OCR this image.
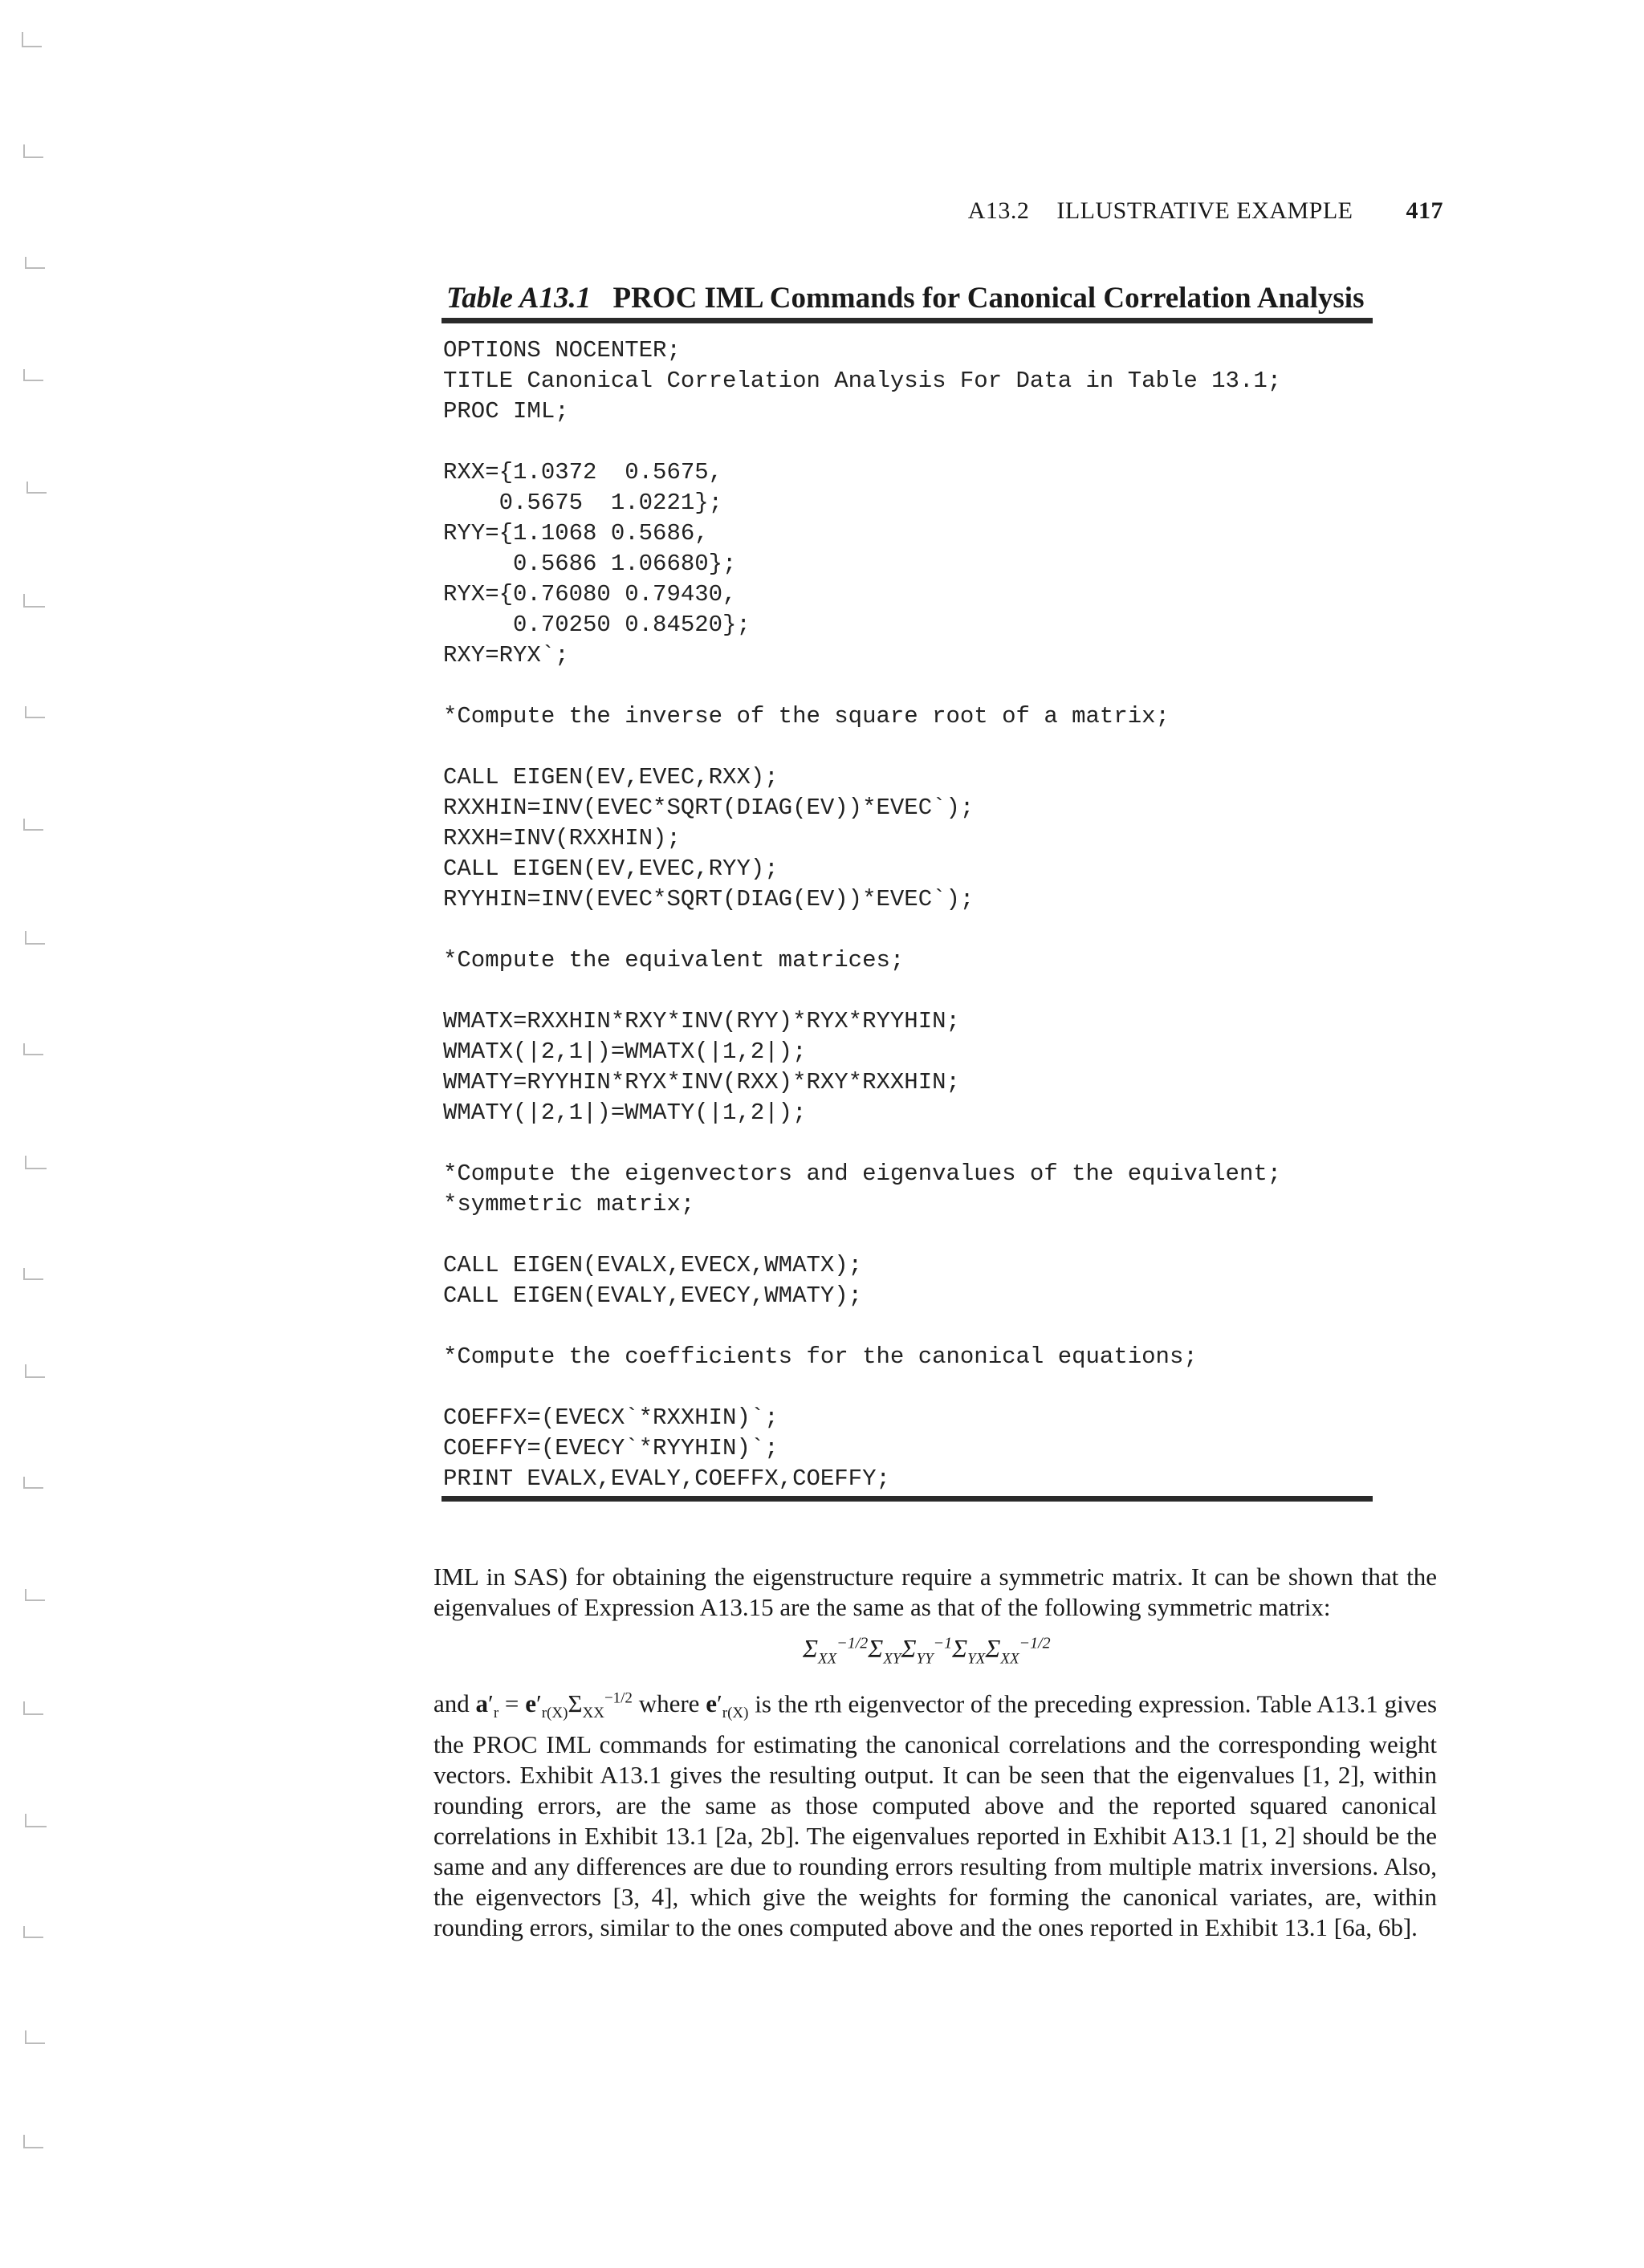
A13.2 ILLUSTRATIVE EXAMPLE 417
Table A13.1 PROC IML Commands for Canonical Correlation Analysis
OPTIONS NOCENTER;
TITLE Canonical Correlation Analysis For Data in Table 13.1;
PROC IML;
RXX={1.0372  0.5675,
0.5675  1.0221};
RYY={1.1068 0.5686,
0.5686 1.06680};
RYX={0.76080 0.79430,
0.70250 0.84520};
RXY=RYX`;
*Compute the inverse of the square root of a matrix;
CALL EIGEN(EV,EVEC,RXX);
RXXHIN=INV(EVEC*SQRT(DIAG(EV))*EVEC`);
RXXH=INV(RXXHIN);
CALL EIGEN(EV,EVEC,RYY);
RYYHIN=INV(EVEC*SQRT(DIAG(EV))*EVEC`);
*Compute the equivalent matrices;
WMATX=RXXHIN*RXY*INV(RYY)*RYX*RYYHIN;
WMATX(|2,1|)=WMATX(|1,2|);
WMATY=RYYHIN*RYX*INV(RXX)*RXY*RXXHIN;
WMATY(|2,1|)=WMATY(|1,2|);
*Compute the eigenvectors and eigenvalues of the equivalent;
*symmetric matrix;
CALL EIGEN(EVALX,EVECX,WMATX);
CALL EIGEN(EVALY,EVECY,WMATY);
*Compute the coefficients for the canonical equations;
COEFFX=(EVECX`*RXXHIN)`;
COEFFY=(EVECY`*RYYHIN)`;
PRINT EVALX,EVALY,COEFFX,COEFFY;
IML in SAS) for obtaining the eigenstructure require a symmetric matrix. It can be shown that the eigenvalues of Expression A13.15 are the same as that of the following symmetric matrix:
$\Sigma_{XX}^{-1/2}\Sigma_{XY}\Sigma_{YY}^{-1}\Sigma_{YX}\Sigma_{XX}^{-1/2}$
and $a'_r = e'_{r(X)}\Sigma_{XX}^{-1/2}$ where $e'_{r(X)}$ is the rth eigenvector of the preceding expression. Table A13.1 gives the PROC IML commands for estimating the canonical correlations and the corresponding weight vectors. Exhibit A13.1 gives the resulting output. It can be seen that the eigenvalues [1, 2], within rounding errors, are the same as those computed above and the reported squared canonical correlations in Exhibit 13.1 [2a, 2b]. The eigenvalues reported in Exhibit A13.1 [1, 2] should be the same and any differences are due to rounding errors resulting from multiple matrix inversions. Also, the eigenvectors [3, 4], which give the weights for forming the canonical variates, are, within rounding errors, similar to the ones computed above and the ones reported in Exhibit 13.1 [6a, 6b].
